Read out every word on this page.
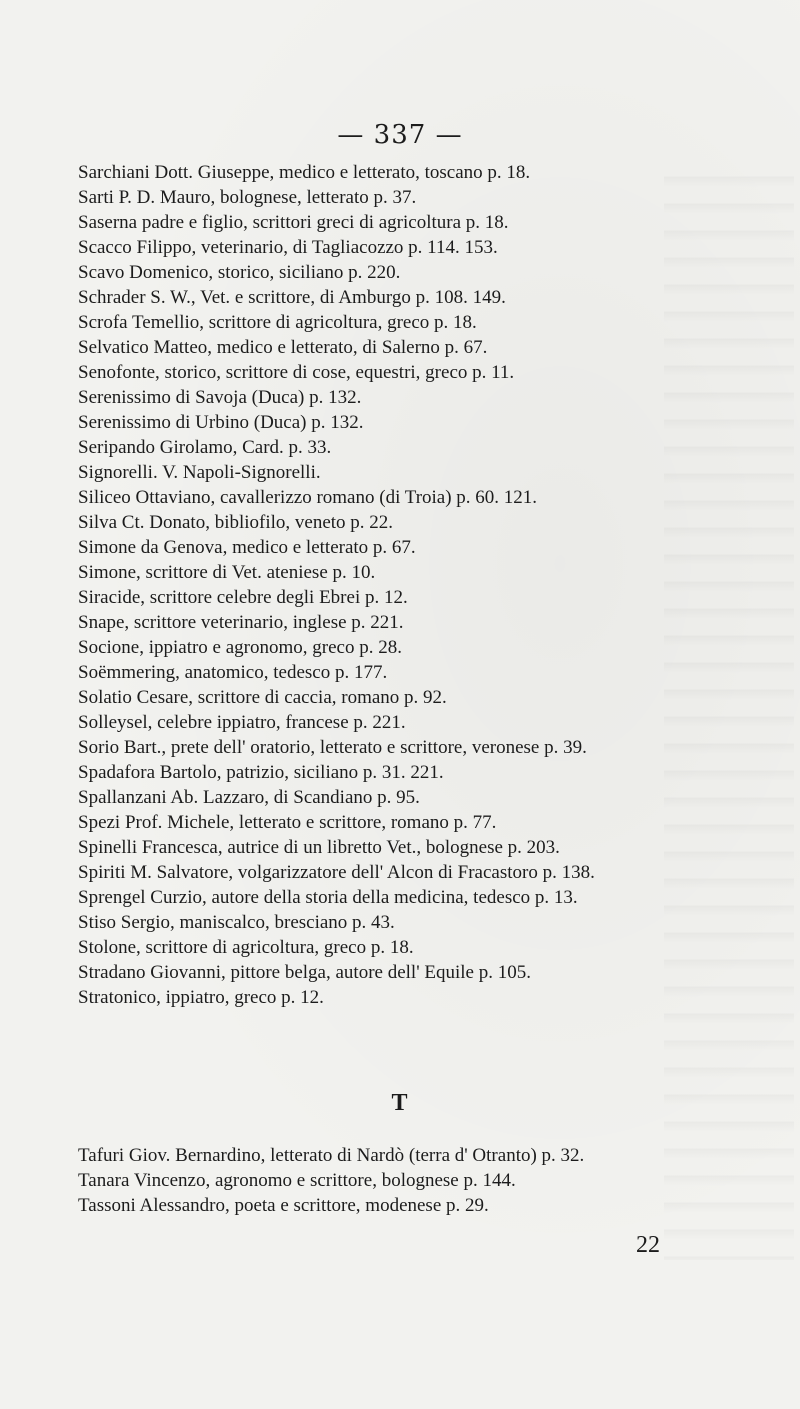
— 337 —
Sarchiani Dott. Giuseppe, medico e letterato, toscano p. 18.
Sarti P. D. Mauro, bolognese, letterato p. 37.
Saserna padre e figlio, scrittori greci di agricoltura p. 18.
Scacco Filippo, veterinario, di Tagliacozzo p. 114. 153.
Scavo Domenico, storico, siciliano p. 220.
Schrader S. W., Vet. e scrittore, di Amburgo p. 108. 149.
Scrofa Temellio, scrittore di agricoltura, greco p. 18.
Selvatico Matteo, medico e letterato, di Salerno p. 67.
Senofonte, storico, scrittore di cose, equestri, greco p. 11.
Serenissimo di Savoja (Duca) p. 132.
Serenissimo di Urbino (Duca) p. 132.
Seripando Girolamo, Card. p. 33.
Signorelli. V. Napoli-Signorelli.
Siliceo Ottaviano, cavallerizzo romano (di Troia) p. 60. 121.
Silva Ct. Donato, bibliofilo, veneto p. 22.
Simone da Genova, medico e letterato p. 67.
Simone, scrittore di Vet. ateniese p. 10.
Siracide, scrittore celebre degli Ebrei p. 12.
Snape, scrittore veterinario, inglese p. 221.
Socione, ippiatro e agronomo, greco p. 28.
Soëmmering, anatomico, tedesco p. 177.
Solatio Cesare, scrittore di caccia, romano p. 92.
Solleysel, celebre ippiatro, francese p. 221.
Sorio Bart., prete dell' oratorio, letterato e scrittore, veronese p. 39.
Spadafora Bartolo, patrizio, siciliano p. 31. 221.
Spallanzani Ab. Lazzaro, di Scandiano p. 95.
Spezi Prof. Michele, letterato e scrittore, romano p. 77.
Spinelli Francesca, autrice di un libretto Vet., bolognese p. 203.
Spiriti M. Salvatore, volgarizzatore dell' Alcon di Fracastoro p. 138.
Sprengel Curzio, autore della storia della medicina, tedesco p. 13.
Stiso Sergio, maniscalco, bresciano p. 43.
Stolone, scrittore di agricoltura, greco p. 18.
Stradano Giovanni, pittore belga, autore dell' Equile p. 105.
Stratonico, ippiatro, greco p. 12.
T
Tafuri Giov. Bernardino, letterato di Nardò (terra d' Otranto) p. 32.
Tanara Vincenzo, agronomo e scrittore, bolognese p. 144.
Tassoni Alessandro, poeta e scrittore, modenese p. 29.
22
